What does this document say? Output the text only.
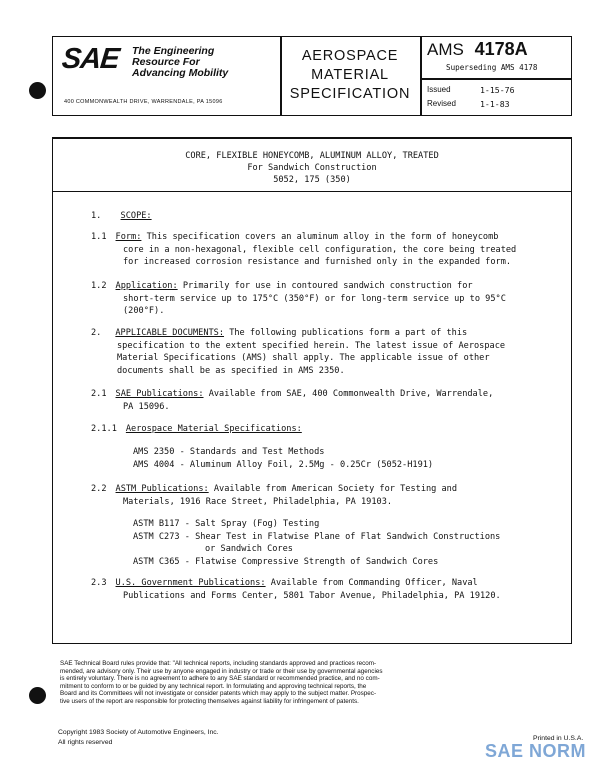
SAE The Engineering
Resource For
Advancing Mobility
400 COMMONWEALTH DRIVE, WARRENDALE, PA 15096
AEROSPACE
MATERIAL
SPECIFICATION
AMS 4178A
Superseding AMS 4178
Issued	1-15-76
Revised	1-1-83
CORE, FLEXIBLE HONEYCOMB, ALUMINUM ALLOY, TREATED
For Sandwich Construction
5052, 175 (350)
1. SCOPE:
1.1 Form: This specification covers an aluminum alloy in the form of honeycomb
core in a non-hexagonal, flexible cell configuration, the core being treated
for increased corrosion resistance and furnished only in the expanded form.
1.2 Application: Primarily for use in contoured sandwich construction for
short-term service up to 175°C (350°F) or for long-term service up to 95°C
(200°F).
2. APPLICABLE DOCUMENTS: The following publications form a part of this
specification to the extent specified herein. The latest issue of Aerospace
Material Specifications (AMS) shall apply. The applicable issue of other
documents shall be as specified in AMS 2350.
2.1 SAE Publications: Available from SAE, 400 Commonwealth Drive, Warrendale,
PA 15096.
2.1.1 Aerospace Material Specifications:
AMS 2350 - Standards and Test Methods
AMS 4004 - Aluminum Alloy Foil, 2.5Mg - 0.25Cr (5052-H191)
2.2 ASTM Publications: Available from American Society for Testing and
Materials, 1916 Race Street, Philadelphia, PA 19103.
ASTM B117 - Salt Spray (Fog) Testing
ASTM C273 - Shear Test in Flatwise Plane of Flat Sandwich Constructions
or Sandwich Cores
ASTM C365 - Flatwise Compressive Strength of Sandwich Cores
2.3 U.S. Government Publications: Available from Commanding Officer, Naval
Publications and Forms Center, 5801 Tabor Avenue, Philadelphia, PA 19120.
SAE Technical Board rules provide that: "All technical reports, including standards approved and practices recom-
mended, are advisory only. Their use by anyone engaged in industry or trade or their use by governmental agencies
is entirely voluntary. There is no agreement to adhere to any SAE standard or recommended practice, and no com-
mitment to conform to or be guided by any technical report. In formulating and approving technical reports, the
Board and its Committees will not investigate or consider patents which may apply to the subject matter. Prospec-
tive users of the report are responsible for protecting themselves against liability for infringement of patents.
Copyright 1983 Society of Automotive Engineers, Inc.
All rights reserved
Printed in U.S.A.
SAE NORM
